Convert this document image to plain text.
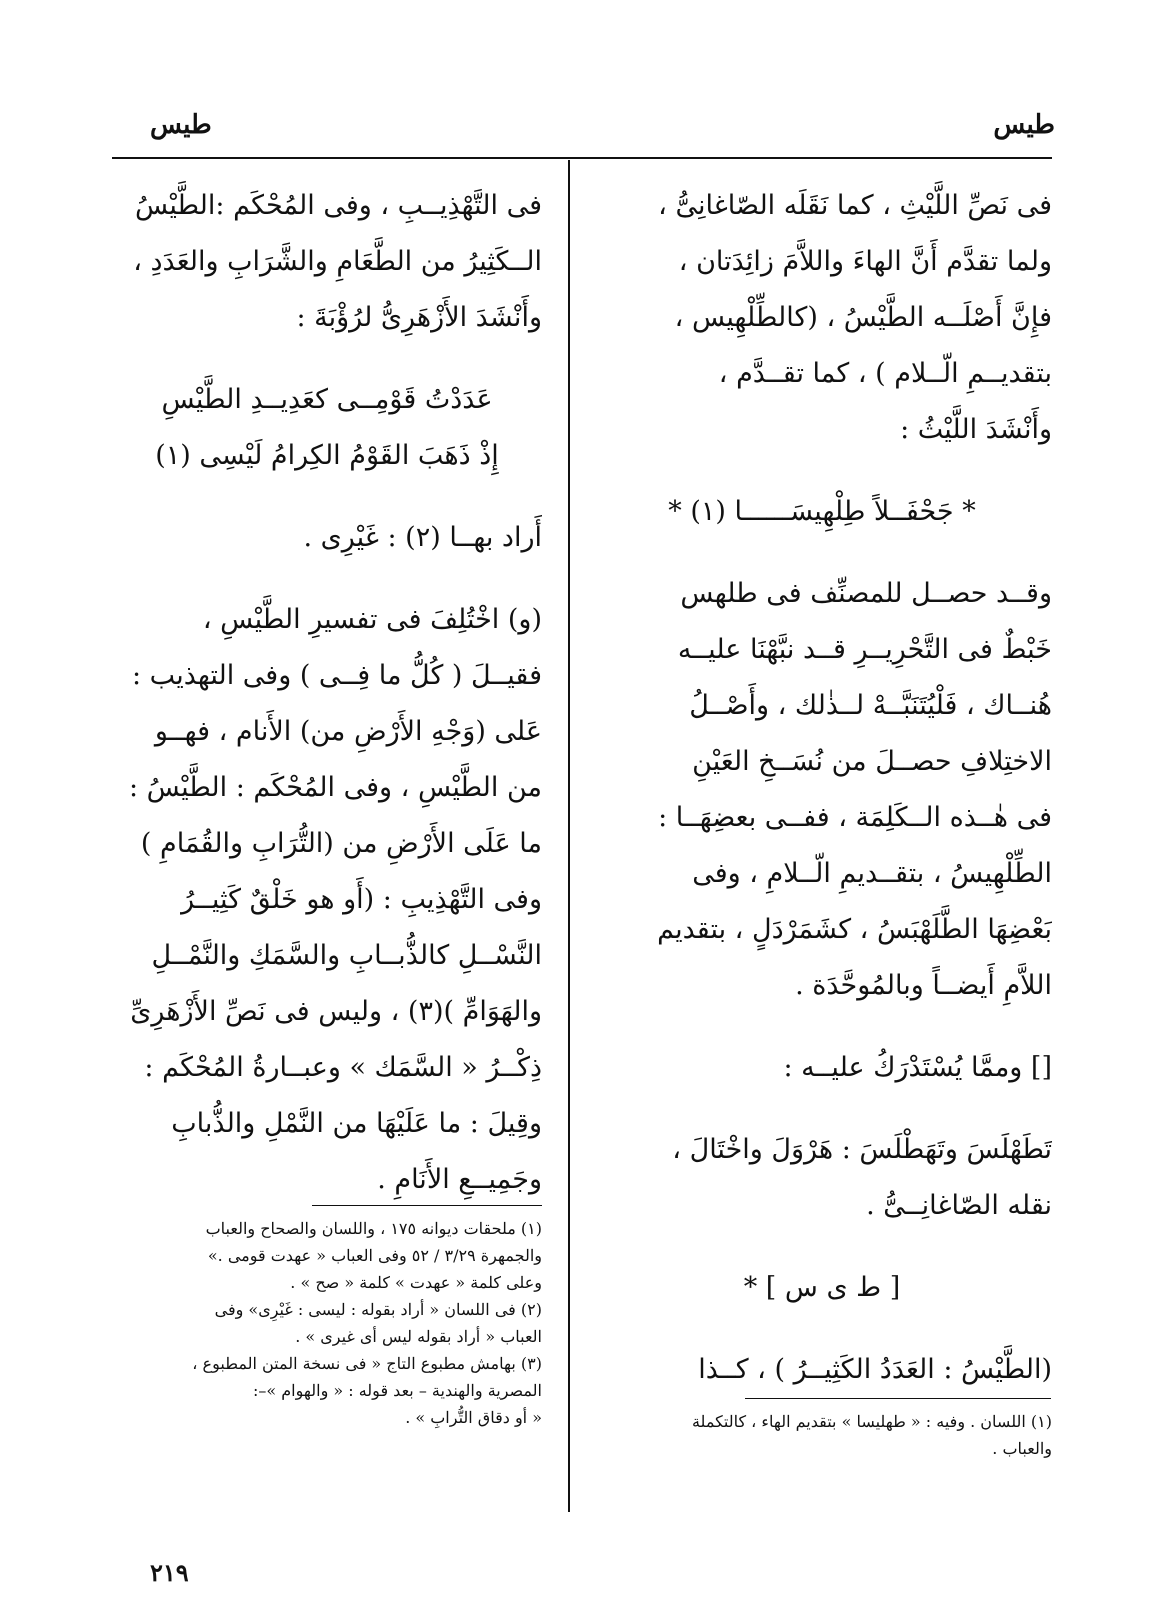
طيس
طيس
فى نَصِّ اللَّيْثِ ، كما نَقَلَه الصّاغانِىُّ ،
ولما تقدَّم أَنَّ الهاءَ واللاَّمَ زائِدَتان ،
فإِنَّ أَصْلَــه الطَّيْسُ ، (كالطِّلْهِيس ،
بتقديــمِ الّــلام ) ، كما تقــدَّم ،
وأَنْشَدَ اللَّيْثُ :
* جَحْفَــلاً طِلْهِيسَــــــا (١) *
وقــد حصــل للمصنِّف فى طلهس
خَبْطٌ فى التَّحْرِيــرِ قــد نبَّهْنَا عليــه
هُنــاك ، فَلْيُتَنَبَّــهْ لــذٰلك ، وأَصْــلُ
الاختِلافِ حصــلَ من نُسَــخِ العَيْنِ
فى هٰــذه الــكَلِمَة ، ففــى بعضِهَــا :
الطِّلْهِيسُ ، بتقــديمِ الّــلامِ ، وفى
بَعْضِهَا الطَّلَهْبَسُ ، كشَمَرْدَلٍ ، بتقديم
اللاَّمِ أَيضــاً وبالمُوحَّدَة .
[] وممَّا يُسْتَدْرَكُ عليــه :
تَطَهْلَسَ وتَهَطْلَسَ : هَرْوَلَ واخْتَالَ ،
نقله الصّاغانِــىُّ .
[ ط ى س ] *
(الطَّيْسُ : العَدَدُ الكَثِيــرُ ) ، كــذا
(١) اللسان . وفيه : « طهليسا » بتقديم الهاء ، كالتكملة
والعباب .
فى التَّهْذِيــبِ ، وفى المُحْكَم :الطَّيْسُ
الــكَثِيرُ من الطَّعَامِ والشَّرَابِ والعَدَدِ ،
وأَنْشَدَ الأَزْهَرِىُّ لرُؤْبَةَ :
عَدَدْتُ قَوْمِــى كعَدِيــدِ الطَّيْسِ
إِذْ ذَهَبَ القَوْمُ الكِرامُ لَيْسِى (١)
أَراد بهــا (٢) : غَيْرِى .
(و) اخْتُلِفَ فى تفسيرِ الطَّيْسِ ،
فقيــلَ ( كُلُّ ما فِــى ) وفى التهذيب :
عَلى (وَجْهِ الأَرْضِ من) الأَنام ، فهــو
من الطَّيْسِ ، وفى المُحْكَم : الطَّيْسُ :
ما عَلَى الأَرْضِ من (التُّرَابِ والقُمَامِ )
وفى التَّهْذِيبِ : (أَو هو خَلْقٌ كَثِيــرُ
النَّسْــلِ كالذُّبــابِ والسَّمَكِ والنَّمْــلِ
والهَوَامِّ )(٣) ، وليس فى نَصِّ الأَزْهَرِىِّ
ذِكْــرُ « السَّمَك » وعبــارةُ المُحْكَم :
وقِيلَ : ما عَلَيْهَا من النَّمْلِ والذُّبابِ
وجَمِيــعِ الأَنَامِ .
(١) ملحقات ديوانه ١٧٥ ، واللسان والصحاح والعباب
والجمهرة ٣/٢٩ / ٥٢ وفى العباب « عهدت قومى .»
وعلى كلمة « عهدت » كلمة « صح » .
(٢) فى اللسان « أراد بقوله : ليسى : غَيْرِى» وفى
العباب « أراد بقوله ليس أى غيرى » .
(٣) بهامش مطبوع التاج « فى نسخة المتن المطبوع ،
المصرية والهندية – بعد قوله : « والهوام »–:
« أو دقاق التُّرابِ » .
٢١٩
